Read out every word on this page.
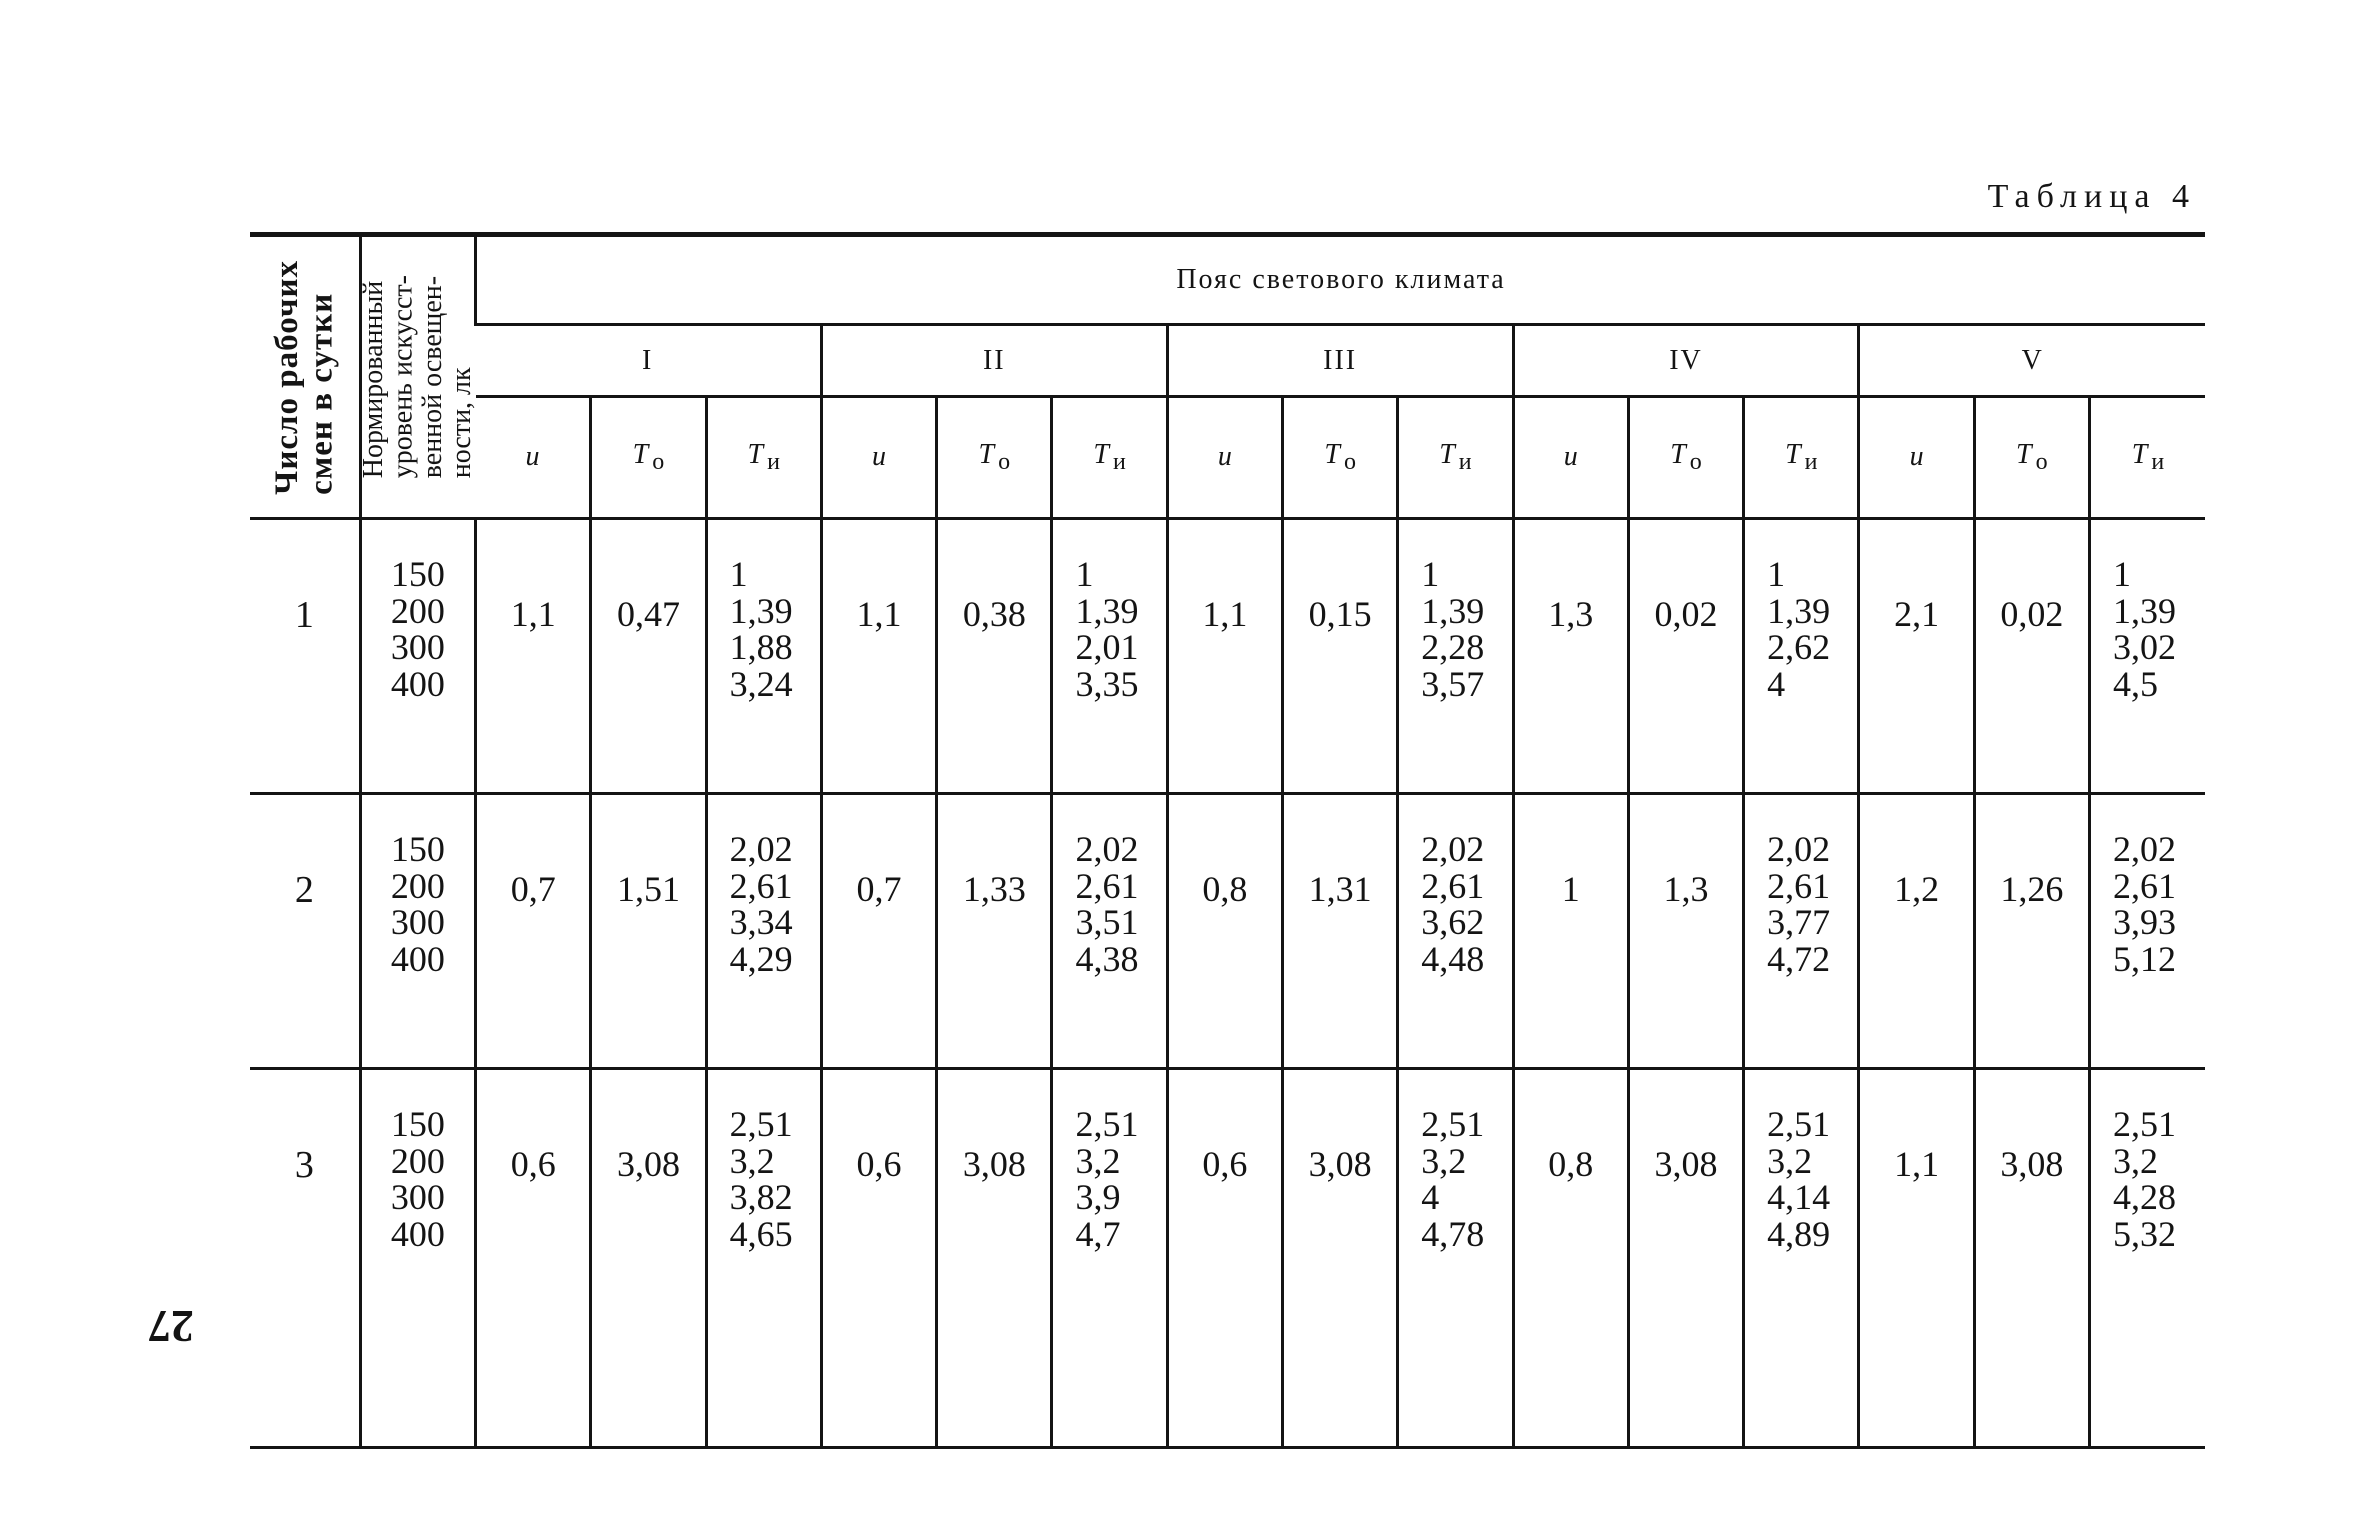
Таблица 4
27
Число рабочих
смен в сутки	Нормированный
уровень искусст-
венной освещен-
ности, лк	Пояс светового климата														
		I			II			III			IV			V		
		u	T $_о$	T $_и$	u	T $_о$	T $_и$	u	T $_о$	T $_и$	u	T $_о$	T $_и$	u	T $_о$	T $_и$
1	150
200
300
400	1,1	0,47	1
1,39
1,88
3,24	1,1	0,38	1
1,39
2,01
3,35	1,1	0,15	1
1,39
2,28
3,57	1,3	0,02	1
1,39
2,62
4	2,1	0,02	1
1,39
3,02
4,5

2	150
200
300
400	0,7	1,51	2,02
2,61
3,34
4,29	0,7	1,33	2,02
2,61
3,51
4,38	0,8	1,31	2,02
2,61
3,62
4,48	1	1,3	2,02
2,61
3,77
4,72	1,2	1,26	2,02
2,61
3,93
5,12

3	150
200
300
400	0,6	3,08	2,51
3,2
3,82
4,65	0,6	3,08	2,51
3,2
3,9
4,7	0,6	3,08	2,51
3,2
4
4,78	0,8	3,08	2,51
3,2
4,14
4,89	1,1	3,08	2,51
3,2
4,28
5,32
